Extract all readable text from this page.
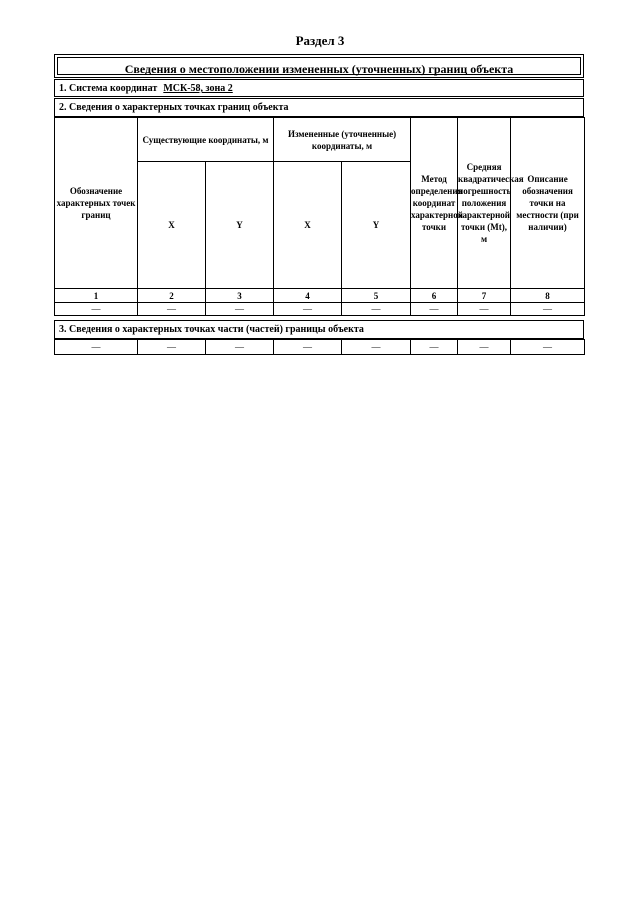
Раздел 3
Сведения о местоположении измененных (уточненных) границ объекта
1. Система координат МСК-58, зона 2
2. Сведения о характерных точках границ объекта
Обозначение характерных точек границ	Существующие координаты, м		Измененные (уточненные) координаты, м		Метод определения координат характерной точки	Средняя квадратическая погрешность положения характерной точки (Mt), м	Описание обозначения точки на местности (при наличии)
	X	Y	X	Y			
1	2	3	4	5	6	7	8
—	—	—	—	—	—	—	—
3. Сведения о характерных точках части (частей) границы объекта
—	—	—	—	—	—	—	—
